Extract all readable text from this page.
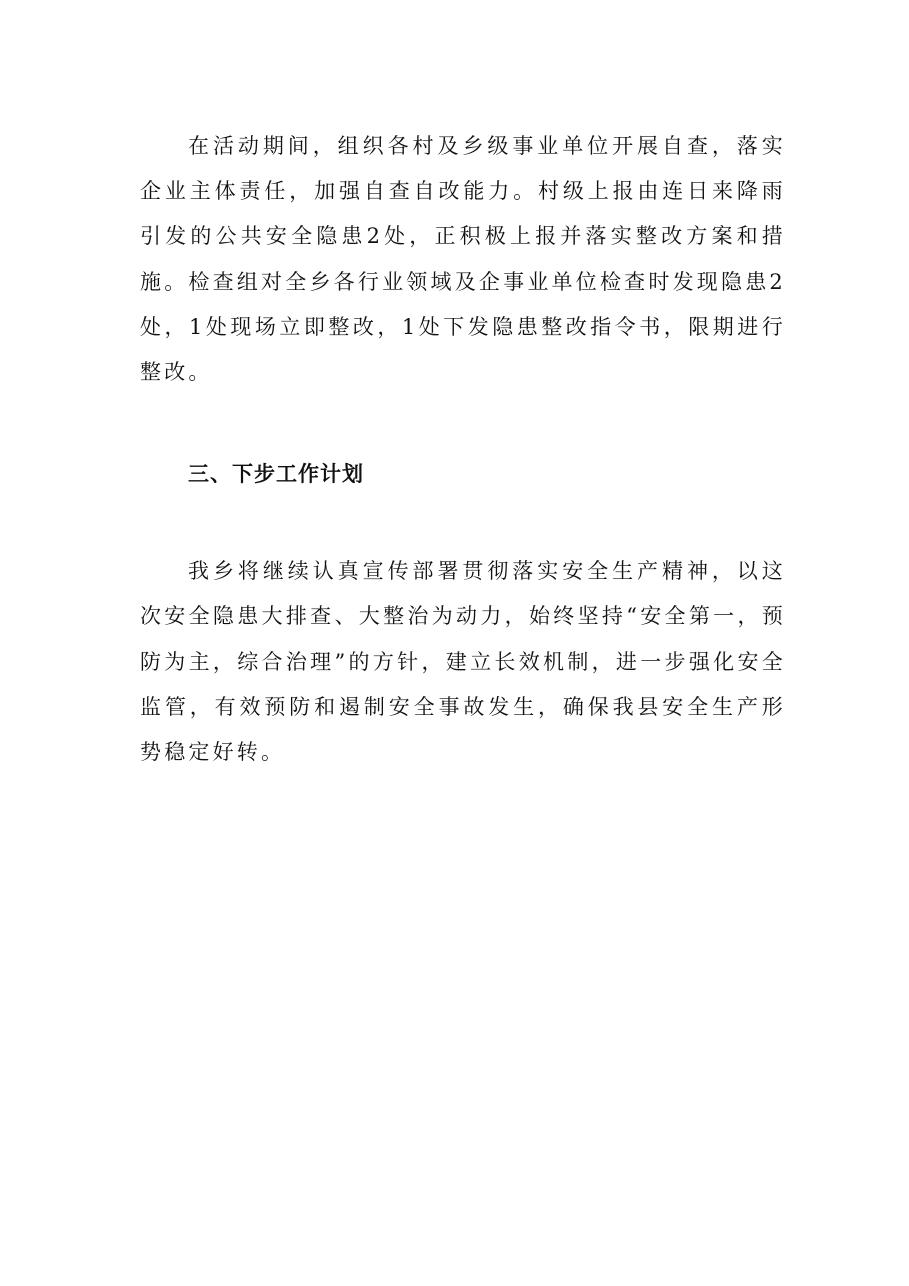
在活动期间，组织各村及乡级事业单位开展自查，落实企业主体责任，加强自查自改能力。村级上报由连日来降雨引发的公共安全隐患2处，正积极上报并落实整改方案和措施。检查组对全乡各行业领域及企事业单位检查时发现隐患2处，1处现场立即整改，1处下发隐患整改指令书，限期进行整改。

三、下步工作计划

我乡将继续认真宣传部署贯彻落实安全生产精神，以这次安全隐患大排查、大整治为动力，始终坚持“安全第一，预防为主，综合治理”的方针，建立长效机制，进一步强化安全监管，有效预防和遏制安全事故发生，确保我县安全生产形势稳定好转。
